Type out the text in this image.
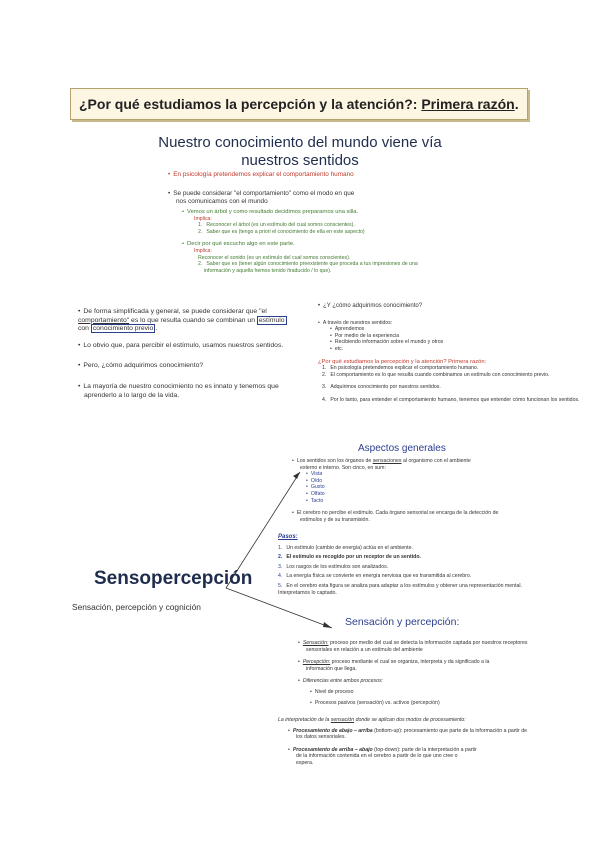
¿Por qué estudiamos la percepción y la atención?: Primera razón.
Nuestro conocimiento del mundo viene vía
nuestros sentidos
• En psicología pretendemos explicar el comportamiento humano
• Se puede considerar "el comportamiento" como el modo en que
nos comunicamos con el mundo
• Vemos un árbol y como resultado decidimos prepararnos una silla.
Implica:
1. Reconocer el árbol (es un estímulo del cual somos conscientes).
2. Saber que es (tengo a priori el conocimiento de ella en este aspecto)
• Decir por qué escucho algo en este parte.
Implica:
Reconocer el sonido (es un estímulo del cual somos conscientes).
2. Saber que es (tener algún conocimiento preexistente que proceda a tus impresiones de una
información y aquella hemos tenido /traducido / lo que).

• De forma simplificada y general, se puede considerar que "el comportamiento" es lo que resulta cuando se combinan un estímulo con conocimiento previo .

• Lo obvio que, para percibir el estímulo, usamos nuestros sentidos.

• Pero, ¿cómo adquirimos conocimiento?

• La mayoría de nuestro conocimiento no es innato y tenemos que
aprenderlo a lo largo de la vida.

• ¿Y ¿cómo adquirimos conocimiento?
• A través de nuestros sentidos:
• Aprendemos
• Por medio de la experiencia
• Recibiendo información sobre el mundo y otros
• etc.
¿Por qué estudiamos la percepción y la atención? Primera razón:
1. En psicología pretendemos explicar el comportamiento humano.
2. El comportamiento es lo que resulta cuando combinamos un estímulo con conocimiento previo.
3. Adquirimos conocimiento por nuestros sentidos.
4. Por lo tanto, para entender el comportamiento humano, tenemos que entender cómo funcionan los sentidos.
Aspectos generales
• Los sentidos son los órganos de sensaciones al organismo con el ambiente
externo e interno. Son cinco, en sum:
• Vista
• Oído
• Gusto
• Olfato
• Tacto
• El cerebro no percibe el estímulo. Cada órgano sensorial se encarga de la detección de
estímulos y de su transmisión.
Pasos:
1. Un estímulo (cambio de energía) actúa en el ambiente.
2. El estímulo es recogido por un receptor de un sentido.
3. Los rasgos de los estímulos son analizados.
4. La energía física se convierte en energía nerviosa que es transmitida al cerebro.
5. En el cerebro esta figura se analiza para adaptar a los estímulos y obtener una representación mental. Interpretamos lo captado.
Sensopercepción
Sensación, percepción y cognición
Sensación y percepción:
• Sensación: proceso por medio del cual se detecta la información captada por nuestros receptores
sensoriales en relación a un estímulo del ambiente
• Percepción: proceso mediante el cual se organiza, interpreta y da significado a la
información que llega.
• Diferencias entre ambos procesos:
• Nivel de proceso
• Procesos pasivos (sensación) vs. activos (percepción)
La interpretación de la sensación donde se aplican dos modos de procesamiento:
• Procesamiento de abajo – arriba (bottom-up): procesamiento que parte de la información a partir de
los datos sensoriales.
• Procesamiento de arriba – abajo (top-down): parte de la interpretación a partir
de la información contenida en el cerebro a partir de lo que uno cree o
espera.
